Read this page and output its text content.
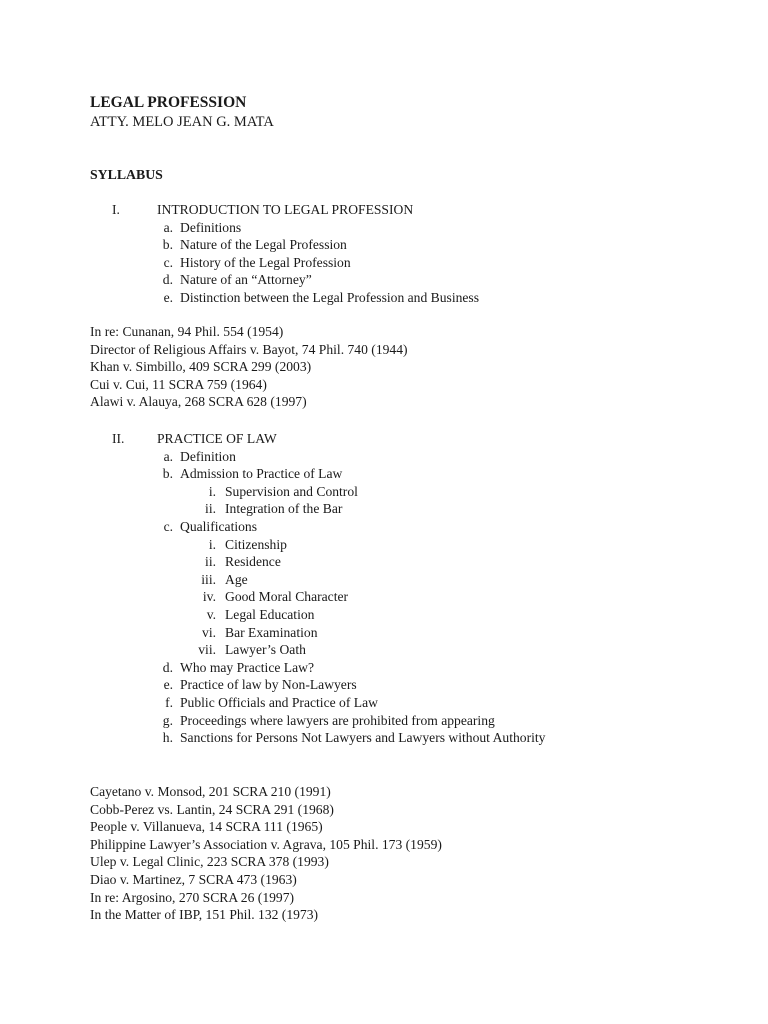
LEGAL PROFESSION
ATTY. MELO JEAN G. MATA
SYLLABUS
I.	INTRODUCTION TO LEGAL PROFESSION
a. Definitions
b. Nature of the Legal Profession
c. History of the Legal Profession
d. Nature of an “Attorney”
e. Distinction between the Legal Profession and Business
In re: Cunanan, 94 Phil. 554 (1954)
Director of Religious Affairs v. Bayot, 74 Phil. 740 (1944)
Khan v. Simbillo, 409 SCRA 299 (2003)
Cui v. Cui, 11 SCRA 759 (1964)
Alawi v. Alauya, 268 SCRA 628 (1997)
II. PRACTICE OF LAW
a. Definition
b. Admission to Practice of Law
i. Supervision and Control
ii. Integration of the Bar
c. Qualifications
i. Citizenship
ii. Residence
iii. Age
iv. Good Moral Character
v. Legal Education
vi. Bar Examination
vii. Lawyer’s Oath
d. Who may Practice Law?
e. Practice of law by Non-Lawyers
f. Public Officials and Practice of Law
g. Proceedings where lawyers are prohibited from appearing
h. Sanctions for Persons Not Lawyers and Lawyers without Authority
Cayetano v. Monsod, 201 SCRA 210 (1991)
Cobb-Perez vs. Lantin, 24 SCRA 291 (1968)
People v. Villanueva, 14 SCRA 111 (1965)
Philippine Lawyer’s Association v. Agrava, 105 Phil. 173 (1959)
Ulep v. Legal Clinic, 223 SCRA 378 (1993)
Diao v. Martinez, 7 SCRA 473 (1963)
In re: Argosino, 270 SCRA 26 (1997)
In the Matter of IBP, 151 Phil. 132 (1973)
